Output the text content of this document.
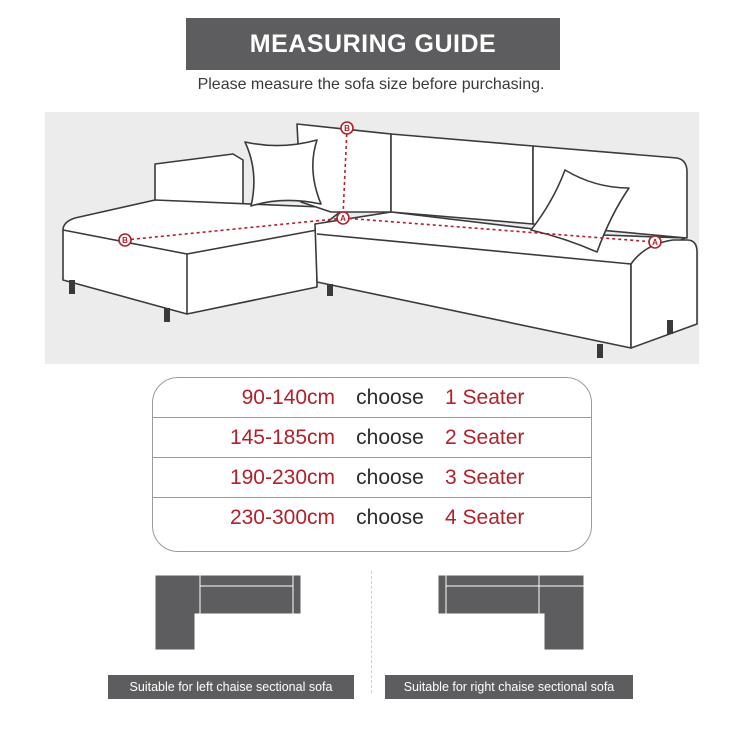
MEASURING GUIDE
Please measure the sofa size before purchasing.
B
B
A
A
90-140cm	choose	1 Seater
145-185cm	choose	2 Seater
190-230cm	choose	3 Seater
230-300cm	choose	4 Seater
Suitable for left chaise sectional sofa	Suitable for right chaise sectional sofa
